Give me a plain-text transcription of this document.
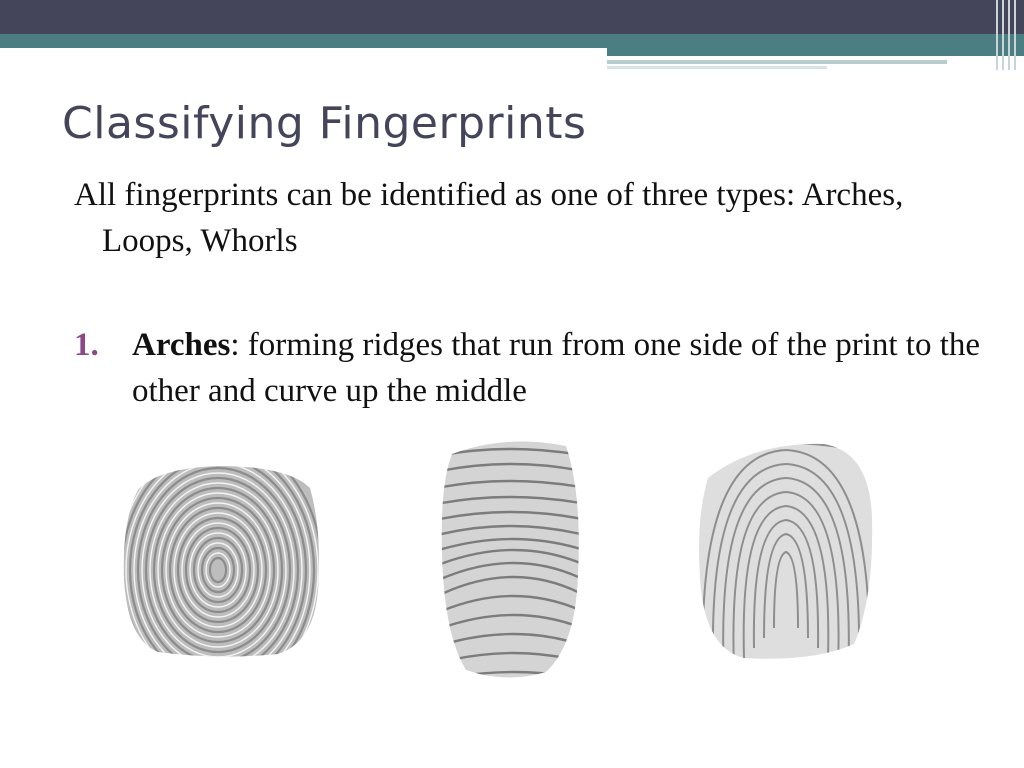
Classifying Fingerprints

All fingerprints can be identified as one of three types: Arches, Loops, Whorls

1.	Arches: forming ridges that run from one side of the print to the other and curve up the middle
